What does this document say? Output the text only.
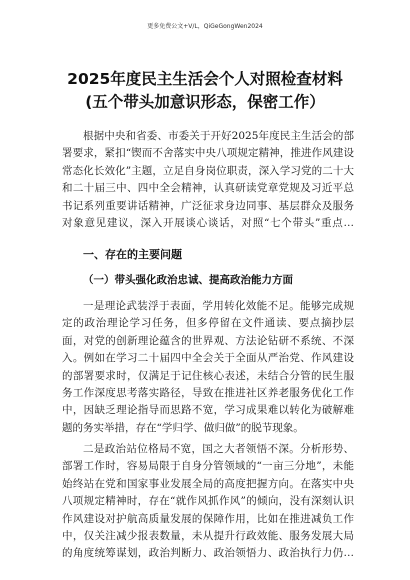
更多免费公文+V/L，QiGeGongWen2024
2025年度民主生活会个人对照检查材料(五个带头加意识形态，保密工作）

根据中央和省委、市委关于开好2025年度民主生活会的部署要求，紧扣“锲而不舍落实中央八项规定精神，推进作风建设常态化长效化”主题，立足自身岗位职责，深入学习党的二十大和二十届三中、四中全会精神，认真研读党章党规及习近平总书记系列重要讲话精神，广泛征求身边同事、基层群众及服务对象意见建议，深入开展谈心谈话，对照“七个带头”重点内

一、存在的主要问题
（一）带头强化政治忠诚、提高政治能力方面

一是理论武装浮于表面，学用转化效能不足。能够完成规定的政治理论学习任务，但多停留在文件通读、要点摘抄层面，对党的创新理论蕴含的世界观、方法论钻研不系统、不深入。例如在学习二十届四中全会关于全面从严治党、作风建设的部署要求时，仅满足于记住核心表述，未结合分管的民生服务工作深度思考落实路径，导致在推进社区养老服务优化工作中，因缺乏理论指导而思路不宽，学习成果难以转化为破解难题的务实举措，存在“学归学、做归做”的脱节现象。

二是政治站位格局不宽，国之大者领悟不深。分析形势、部署工作时，容易局限于自身分管领域的“一亩三分地”，未能始终站在党和国家事业发展全局的高度把握方向。在落实中央八项规定精神时，存在“就作风抓作风”的倾向，没有深刻认识作风建设对护航高质量发展的保障作用，比如在推进减负工作中，仅关注减少报表数量，未从提升行政效能、服务发展大局的角度统筹谋划，政治判断力、政治领悟力、政治执行力仍需
